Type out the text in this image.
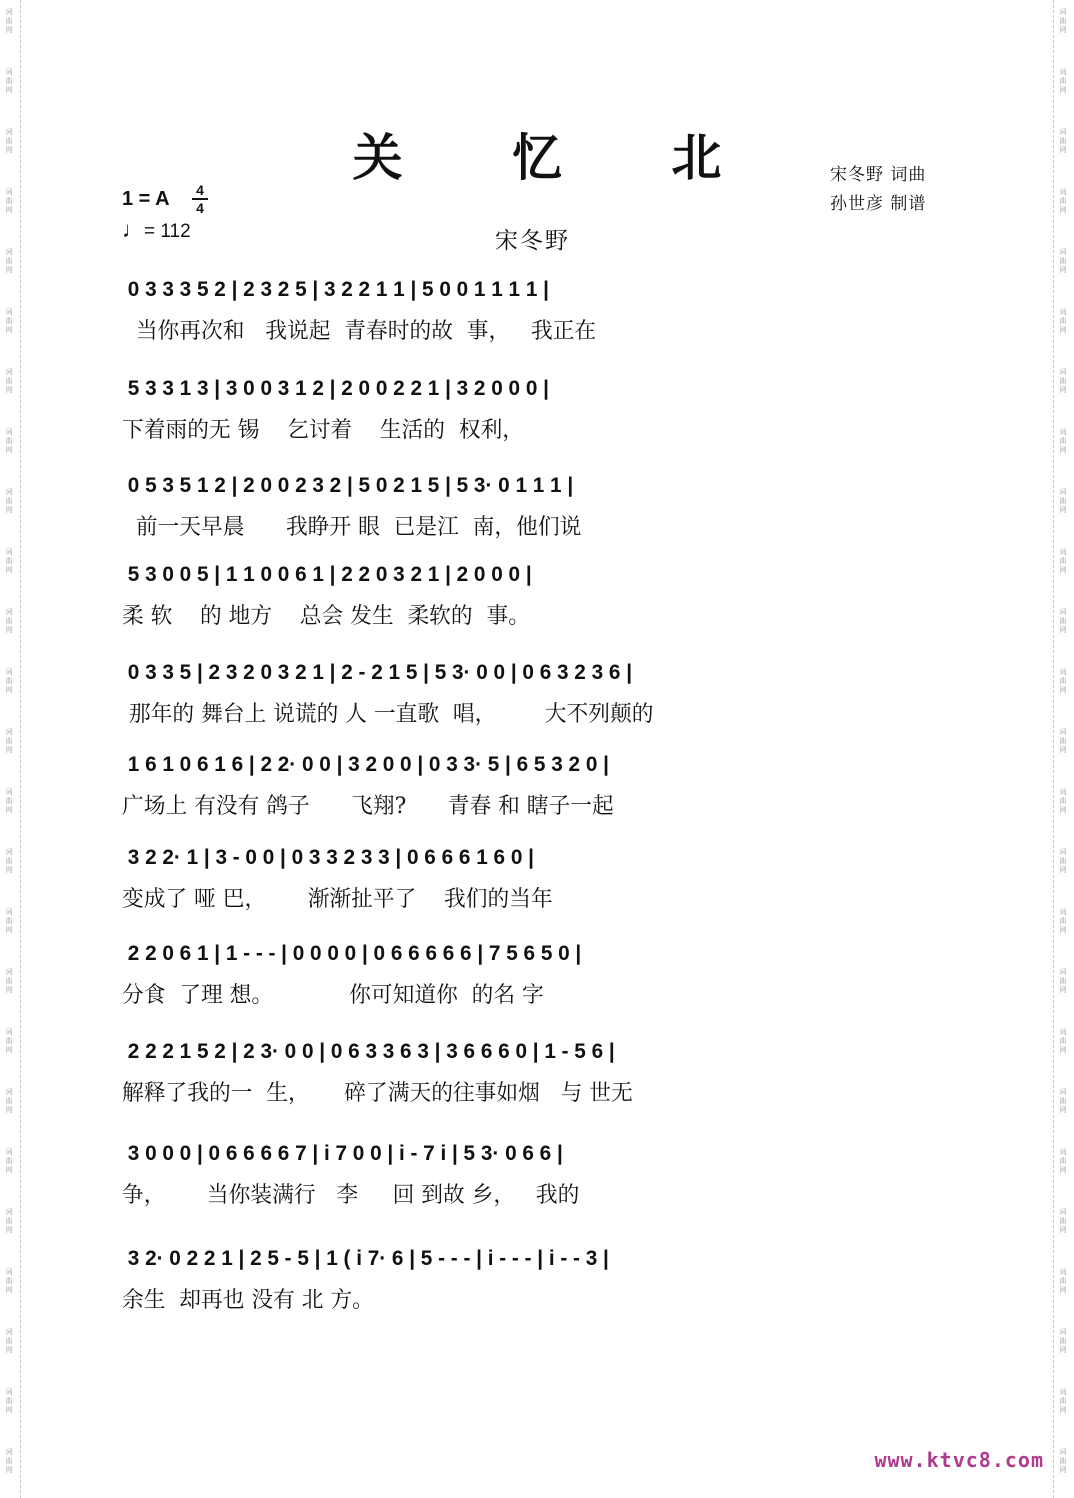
词
曲
网
词
曲
网
词
曲
网
词
曲
网
词
曲
网
词
曲
网
词
曲
网
词
曲
网
词
曲
网
词
曲
网
词
曲
网
词
曲
网
词
曲
网
词
曲
网
词
曲
网
词
曲
网
词
曲
网
词
曲
网
词
曲
网
词
曲
网
词
曲
网
词
曲
网
词
曲
网
词
曲
网
词
曲
网
词
曲
网
词
曲
网
词
曲
网
词
曲
网
词
曲
网
词
曲
网
词
曲
网
词
曲
网
词
曲
网
词
曲
网
词
曲
网
词
曲
网
词
曲
网
词
曲
网
词
曲
网
词
曲
网
词
曲
网
词
曲
网
词
曲
网
词
曲
网
词
曲
网
词
曲
网
词
曲
网
词
曲
网
词
曲
网
关 忆 北	宋冬野 词曲
孙世彦 制谱
1 = A	4
4
♩= 112	宋冬野
0 3 3 3 5 2 | 2 3 2 5 | 3 2 2 1 1 | 5 0 0 1 1 1 1 |
当你再次和   我说起  青春时的故  事，   我正在
5 3 3 1 3 | 3 0 0 3 1 2 | 2 0 0 2 2 1 | 3 2 0 0 0 |
下着雨的无 锡    乞讨着    生活的  权利，
0 5 3 5 1 2 | 2 0 0 2 3 2 | 5 0 2 1 5 | 5 3· 0 1 1 1 |
前一天早晨      我睁开 眼  已是江  南，他们说
5 3 0 0 5 | 1 1 0 0 6 1 | 2 2 0 3 2 1 | 2 0 0 0 |
柔 软    的 地方    总会 发生  柔软的  事。
0 3 3 5 | 2 3 2 0 3 2 1 | 2 - 2 1 5 | 5 3· 0 0 | 0 6 3 2 3 6 |
那年的 舞台上 说谎的 人 一直歌  唱，       大不列颠的
1 6 1 0 6 1 6 | 2 2· 0 0 | 3 2 0 0 | 0 3 3· 5 | 6 5 3 2 0 |
广场上 有没有 鸽子      飞翔?      青春 和 瞎子一起
3 2 2· 1 | 3 - 0 0 | 0 3 3 2 3 3 | 0 6 6 6 1 6 0 |
变成了 哑 巴，      渐渐扯平了    我们的当年
2 2 0 6 1 | 1 - - - | 0 0 0 0 | 0 6 6 6 6 6 | 7 5 6 5 0 |
分食  了理 想。           你可知道你  的名 字
2 2 2 1 5 2 | 2 3· 0 0 | 0 6 3 3 6 3 | 3 6 6 6 0 | 1 - 5 6 |
解释了我的一  生，     碎了满天的往事如烟   与 世无
3 0 0 0 | 0 6 6 6 6 7 | i 7 0 0 | i - 7 i | 5 3· 0 6 6 |
争，      当你装满行   李     回 到故 乡，   我的
3 2· 0 2 2 1 | 2 5 - 5 | 1 ( i 7· 6 | 5 - - - | i - - - | i - - 3 |
余生  却再也 没有 北 方。
www.ktvc8.com
